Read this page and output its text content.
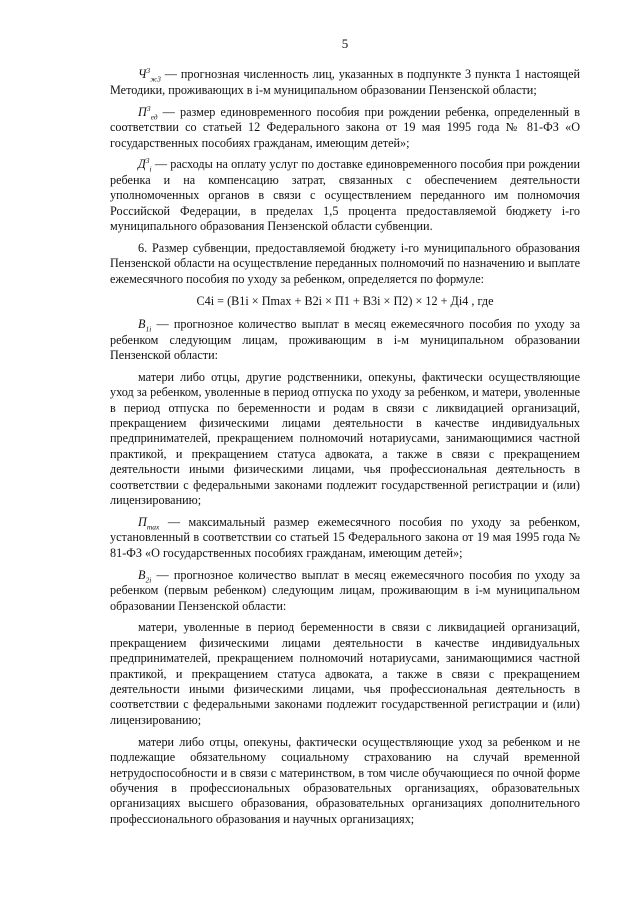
5

$Ч^3_{ж3}$ — прогнозная численность лиц, указанных в подпункте 3 пункта 1 настоящей Методики, проживающих в i-м муниципальном образовании Пензенской области;

$П^3_{ед}$ — размер единовременного пособия при рождении ребенка, определенный в соответствии со статьей 12 Федерального закона от 19 мая 1995 года № 81-ФЗ «О государственных пособиях гражданам, имеющим детей»;

$Д^3_i$ — расходы на оплату услуг по доставке единовременного пособия при рождении ребенка и на компенсацию затрат, связанных с обеспечением деятельности уполномоченных органов в связи с осуществлением переданного им полномочия Российской Федерации, в пределах 1,5 процента предоставляемой бюджету i-го муниципального образования Пензенской области субвенции.

6. Размер субвенции, предоставляемой бюджету i-го муниципального образования Пензенской области на осуществление переданных полномочий по назначению и выплате ежемесячного пособия по уходу за ребенком, определяется по формуле:

C4i = (B1i × Пmax + B2i × П1 + B3i × П2) × 12 + Дi4 , где

$B_{1i}$ — прогнозное количество выплат в месяц ежемесячного пособия по уходу за ребенком следующим лицам, проживающим в i-м муниципальном образовании Пензенской области:

матери либо отцы, другие родственники, опекуны, фактически осуществляющие уход за ребенком, уволенные в период отпуска по уходу за ребенком, и матери, уволенные в период отпуска по беременности и родам в связи с ликвидацией организаций, прекращением физическими лицами деятельности в качестве индивидуальных предпринимателей, прекращением полномочий нотариусами, занимающимися частной практикой, и прекращением статуса адвоката, а также в связи с прекращением деятельности иными физическими лицами, чья профессиональная деятельность в соответствии с федеральными законами подлежит государственной регистрации и (или) лицензированию;

$П_{max}$ — максимальный размер ежемесячного пособия по уходу за ребенком, установленный в соответствии со статьей 15 Федерального закона от 19 мая 1995 года № 81-ФЗ «О государственных пособиях гражданам, имеющим детей»;

$B_{2i}$ — прогнозное количество выплат в месяц ежемесячного пособия по уходу за ребенком (первым ребенком) следующим лицам, проживающим в i-м муниципальном образовании Пензенской области:

матери, уволенные в период беременности в связи с ликвидацией организаций, прекращением физическими лицами деятельности в качестве индивидуальных предпринимателей, прекращением полномочий нотариусами, занимающимися частной практикой, и прекращением статуса адвоката, а также в связи с прекращением деятельности иными физическими лицами, чья профессиональная деятельность в соответствии с федеральными законами подлежит государственной регистрации и (или) лицензированию;

матери либо отцы, опекуны, фактически осуществляющие уход за ребенком и не подлежащие обязательному социальному страхованию на случай временной нетрудоспособности и в связи с материнством, в том числе обучающиеся по очной форме обучения в профессиональных образовательных организациях, образовательных организациях высшего образования, образовательных организациях дополнительного профессионального образования и научных организациях;
